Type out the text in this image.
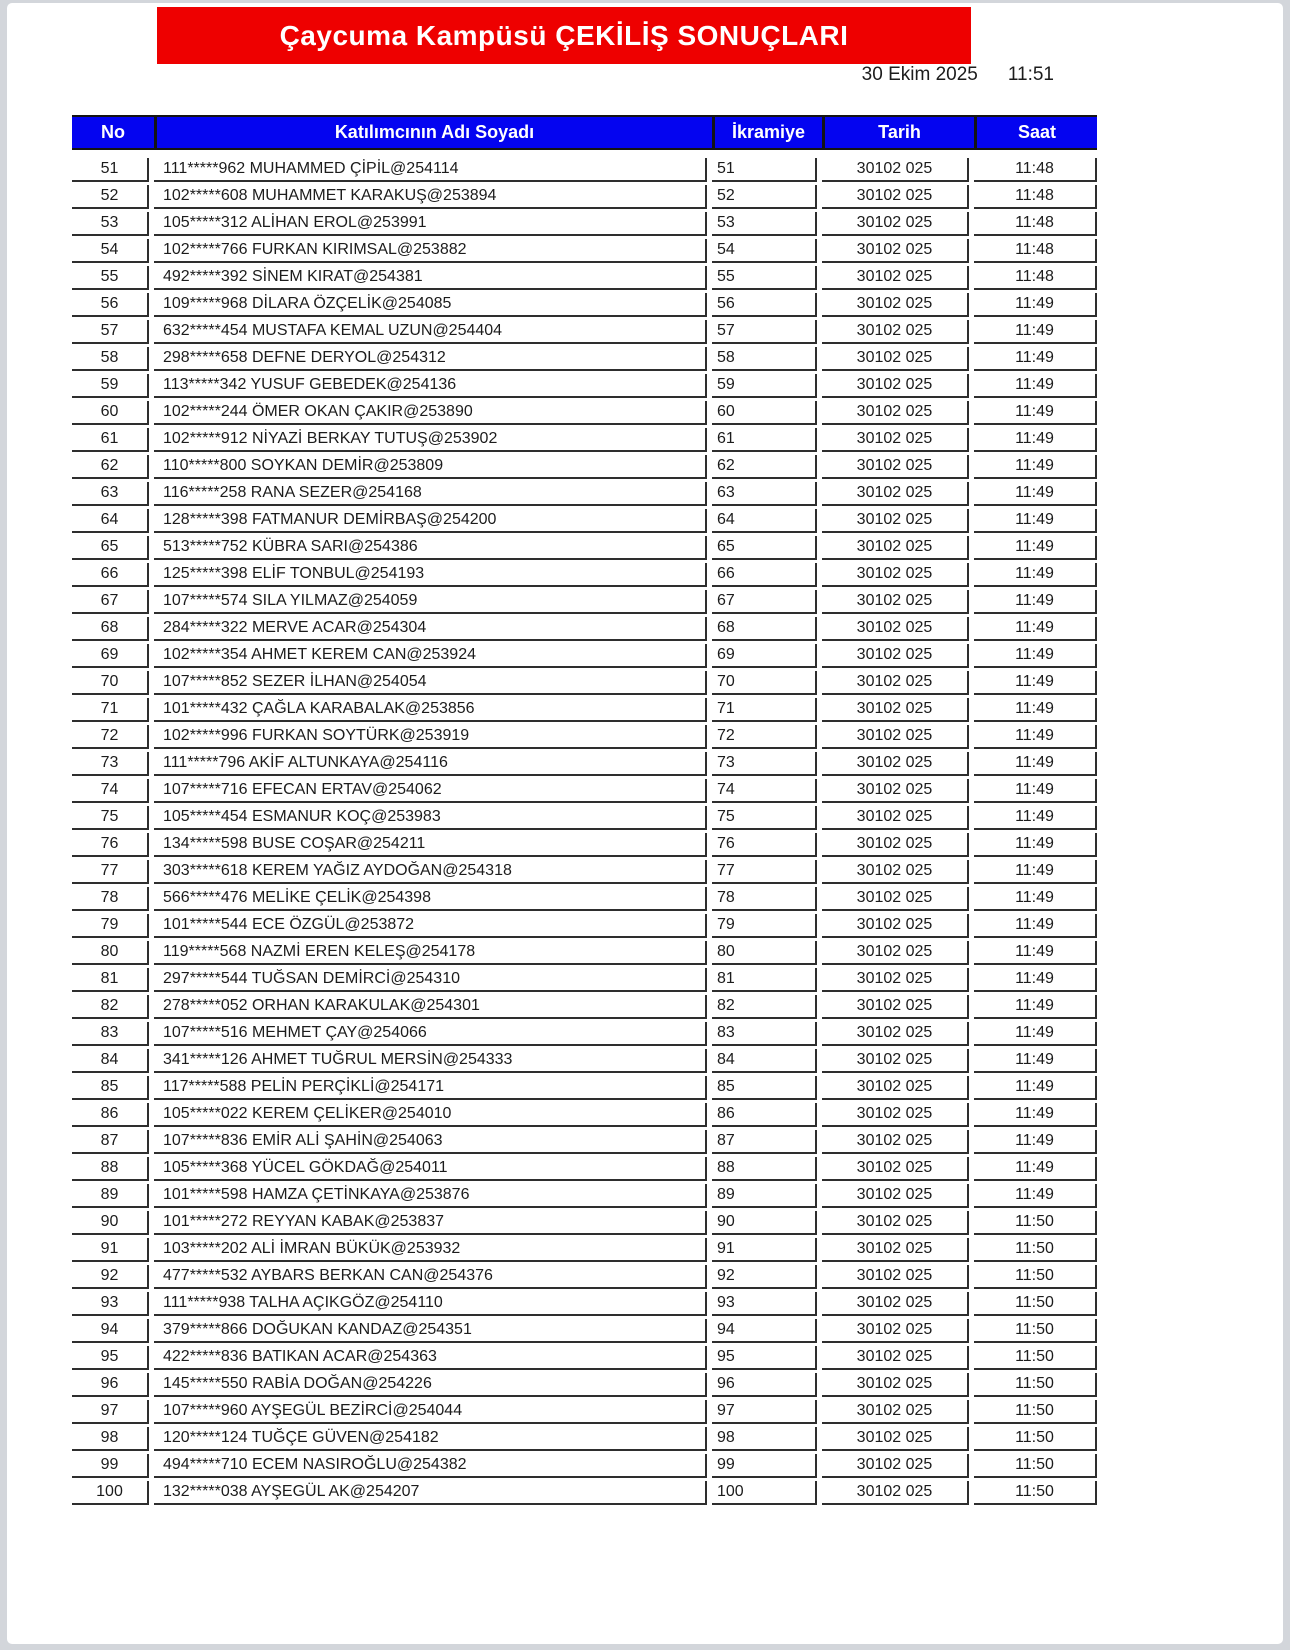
Çaycuma Kampüsü ÇEKİLİŞ SONUÇLARI
30 Ekim 2025 11:51
No	Katılımcının Adı Soyadı	İkramiye	Tarih	Saat
51	111*****962 MUHAMMED ÇİPİL@254114	51	30102 025	11:48
52	102*****608 MUHAMMET KARAKUŞ@253894	52	30102 025	11:48
53	105*****312 ALİHAN EROL@253991	53	30102 025	11:48
54	102*****766 FURKAN KIRIMSAL@253882	54	30102 025	11:48
55	492*****392 SİNEM KIRAT@254381	55	30102 025	11:48
56	109*****968 DİLARA ÖZÇELİK@254085	56	30102 025	11:49
57	632*****454 MUSTAFA KEMAL UZUN@254404	57	30102 025	11:49
58	298*****658 DEFNE DERYOL@254312	58	30102 025	11:49
59	113*****342 YUSUF GEBEDEK@254136	59	30102 025	11:49
60	102*****244 ÖMER OKAN ÇAKIR@253890	60	30102 025	11:49
61	102*****912 NİYAZİ BERKAY TUTUŞ@253902	61	30102 025	11:49
62	110*****800 SOYKAN DEMİR@253809	62	30102 025	11:49
63	116*****258 RANA SEZER@254168	63	30102 025	11:49
64	128*****398 FATMANUR DEMİRBAŞ@254200	64	30102 025	11:49
65	513*****752 KÜBRA SARI@254386	65	30102 025	11:49
66	125*****398 ELİF TONBUL@254193	66	30102 025	11:49
67	107*****574 SILA YILMAZ@254059	67	30102 025	11:49
68	284*****322 MERVE ACAR@254304	68	30102 025	11:49
69	102*****354 AHMET KEREM CAN@253924	69	30102 025	11:49
70	107*****852 SEZER İLHAN@254054	70	30102 025	11:49
71	101*****432 ÇAĞLA KARABALAK@253856	71	30102 025	11:49
72	102*****996 FURKAN SOYTÜRK@253919	72	30102 025	11:49
73	111*****796 AKİF ALTUNKAYA@254116	73	30102 025	11:49
74	107*****716 EFECAN ERTAV@254062	74	30102 025	11:49
75	105*****454 ESMANUR KOÇ@253983	75	30102 025	11:49
76	134*****598 BUSE COŞAR@254211	76	30102 025	11:49
77	303*****618 KEREM YAĞIZ AYDOĞAN@254318	77	30102 025	11:49
78	566*****476 MELİKE ÇELİK@254398	78	30102 025	11:49
79	101*****544 ECE ÖZGÜL@253872	79	30102 025	11:49
80	119*****568 NAZMİ EREN KELEŞ@254178	80	30102 025	11:49
81	297*****544 TUĞSAN DEMİRCİ@254310	81	30102 025	11:49
82	278*****052 ORHAN KARAKULAK@254301	82	30102 025	11:49
83	107*****516 MEHMET ÇAY@254066	83	30102 025	11:49
84	341*****126 AHMET TUĞRUL MERSİN@254333	84	30102 025	11:49
85	117*****588 PELİN PERÇİKLİ@254171	85	30102 025	11:49
86	105*****022 KEREM ÇELİKER@254010	86	30102 025	11:49
87	107*****836 EMİR ALİ ŞAHİN@254063	87	30102 025	11:49
88	105*****368 YÜCEL GÖKDAĞ@254011	88	30102 025	11:49
89	101*****598 HAMZA ÇETİNKAYA@253876	89	30102 025	11:49
90	101*****272 REYYAN KABAK@253837	90	30102 025	11:50
91	103*****202 ALİ İMRAN BÜKÜK@253932	91	30102 025	11:50
92	477*****532 AYBARS BERKAN CAN@254376	92	30102 025	11:50
93	111*****938 TALHA AÇIKGÖZ@254110	93	30102 025	11:50
94	379*****866 DOĞUKAN KANDAZ@254351	94	30102 025	11:50
95	422*****836 BATIKAN ACAR@254363	95	30102 025	11:50
96	145*****550 RABİA DOĞAN@254226	96	30102 025	11:50
97	107*****960 AYŞEGÜL BEZİRCİ@254044	97	30102 025	11:50
98	120*****124 TUĞÇE GÜVEN@254182	98	30102 025	11:50
99	494*****710 ECEM NASIROĞLU@254382	99	30102 025	11:50
100	132*****038 AYŞEGÜL AK@254207	100	30102 025	11:50
